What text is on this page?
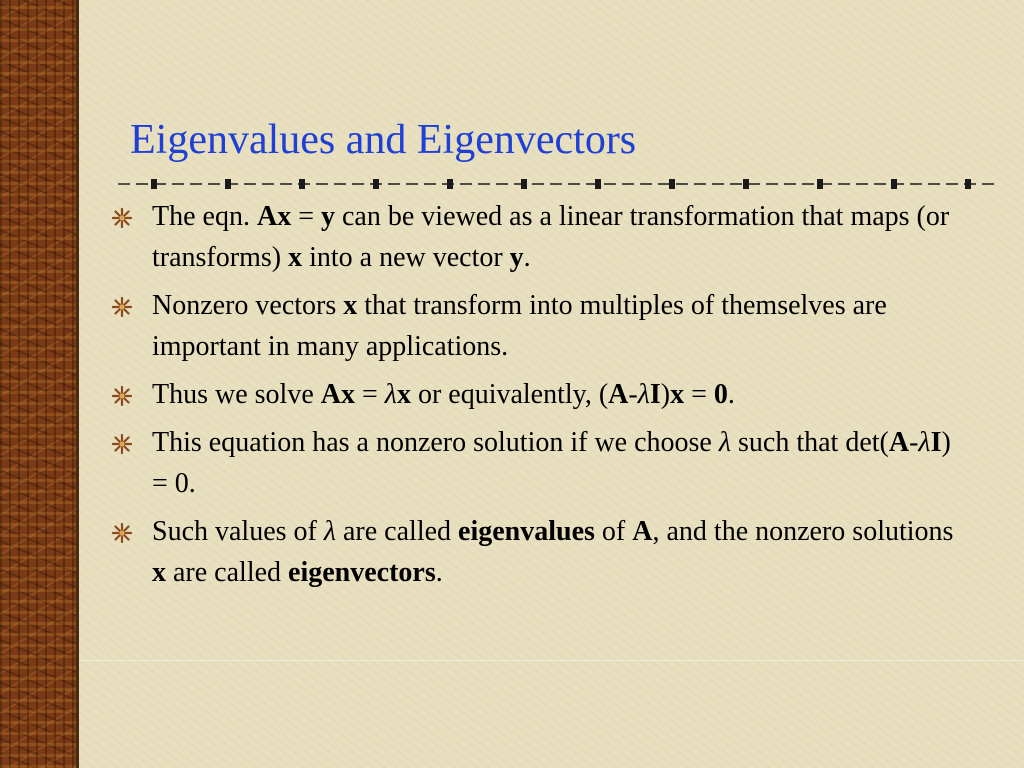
Eigenvalues and Eigenvectors
The eqn. Ax = y can be viewed as a linear transformation that maps (or transforms) x into a new vector y.
Nonzero vectors x that transform into multiples of themselves are important in many applications.
Thus we solve Ax = λx or equivalently, (A-λI)x = 0.
This equation has a nonzero solution if we choose λ such that det(A-λI) = 0.
Such values of λ are called eigenvalues of A, and the nonzero solutions x are called eigenvectors.
